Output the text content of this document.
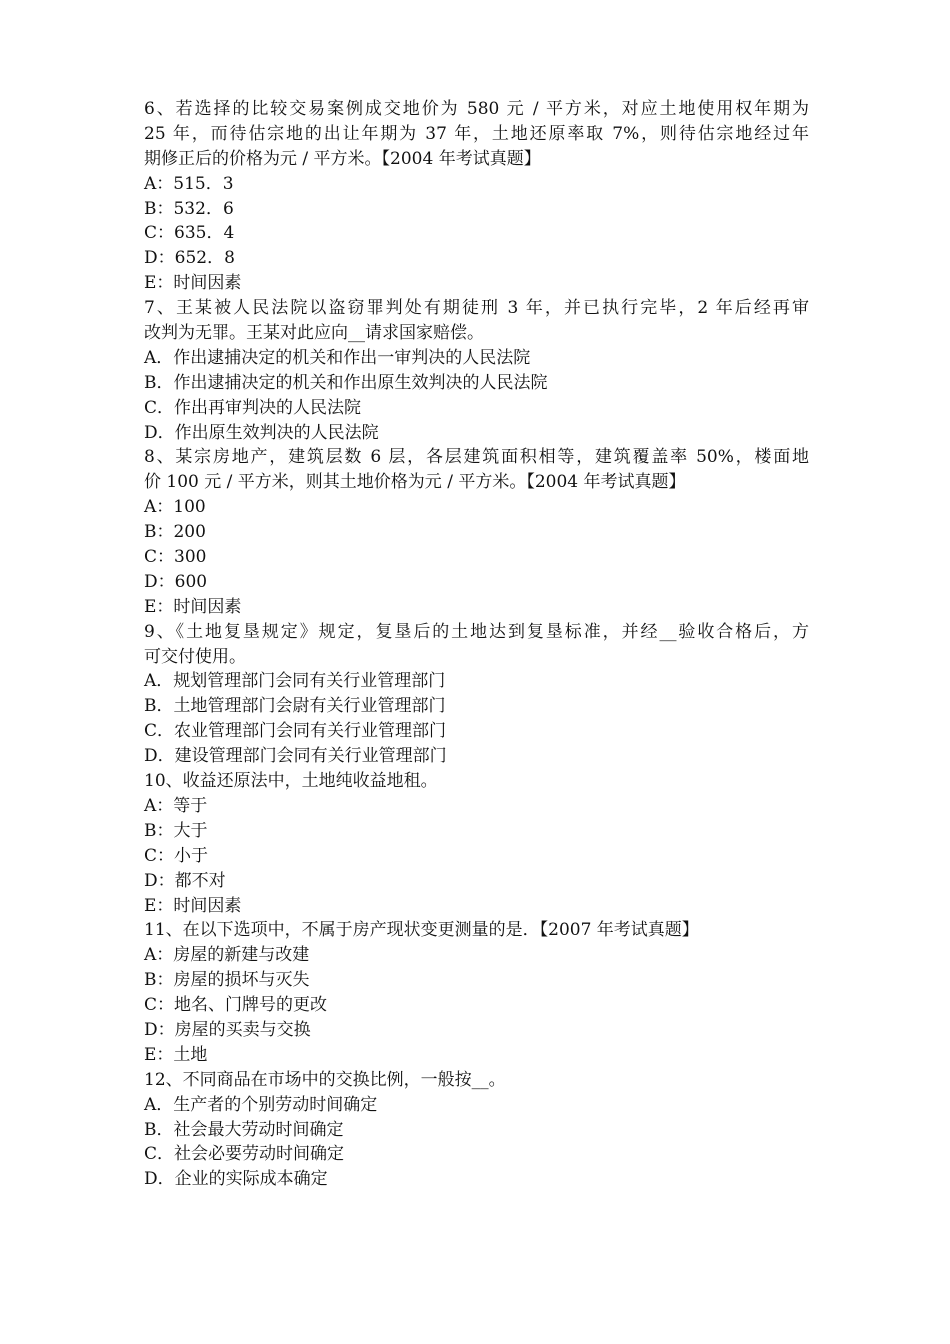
6、若选择的比较交易案例成交地价为 580 元 / 平方米，对应土地使用权年期为
25 年，而待估宗地的出让年期为 37 年，土地还原率取 7%，则待估宗地经过年
期修正后的价格为元 / 平方米。【2004 年考试真题】
A：515．3
B：532．6
C：635．4
D：652．8
E：时间因素
7、王某被人民法院以盗窃罪判处有期徒刑 3 年，并已执行完毕，2 年后经再审
改判为无罪。王某对此应向__请求国家赔偿。
A．作出逮捕决定的机关和作出一审判决的人民法院
B．作出逮捕决定的机关和作出原生效判决的人民法院
C．作出再审判决的人民法院
D．作出原生效判决的人民法院
8、某宗房地产，建筑层数 6 层，各层建筑面积相等，建筑覆盖率 50%，楼面地
价 100 元 / 平方米，则其土地价格为元 / 平方米。【2004 年考试真题】
A：100
B：200
C：300
D：600
E：时间因素
9、《土地复垦规定》规定，复垦后的土地达到复垦标准，并经__验收合格后，方
可交付使用。
A．规划管理部门会同有关行业管理部门
B．土地管理部门会尉有关行业管理部门
C．农业管理部门会同有关行业管理部门
D．建设管理部门会同有关行业管理部门
10、收益还原法中，土地纯收益地租。
A：等于
B：大于
C：小于
D：都不对
E：时间因素
11、在以下选项中，不属于房产现状变更测量的是．【2007 年考试真题】
A：房屋的新建与改建
B：房屋的损坏与灭失
C：地名、门牌号的更改
D：房屋的买卖与交换
E：土地
12、不同商品在市场中的交换比例，一般按__。
A．生产者的个别劳动时间确定
B．社会最大劳动时间确定
C．社会必要劳动时间确定
D．企业的实际成本确定
